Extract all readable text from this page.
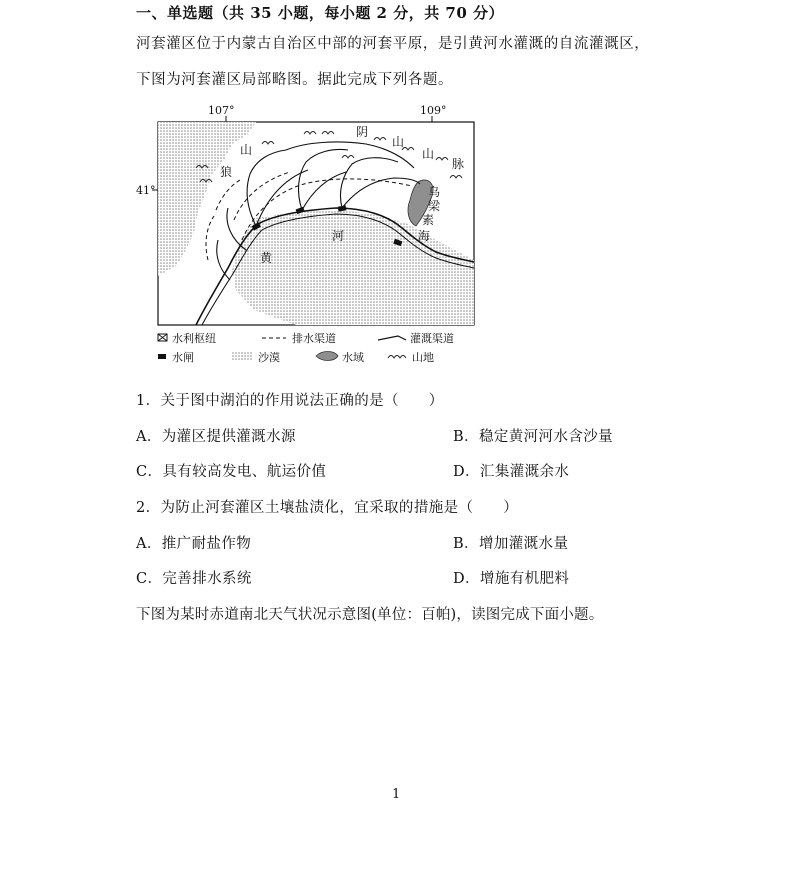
一、单选题（共 35 小题，每小题 2 分，共 70 分）
河套灌区位于内蒙古自治区中部的河套平原，是引黄河水灌溉的自流灌溉区，
下图为河套灌区局部略图。据此完成下列各题。
107°	109°
41°
阴
山
山
脉
山
狼
乌
梁
素
海
河
黄
水利枢纽	排水渠道	灌溉渠道
水闸	沙漠	水域	山地
1．关于图中湖泊的作用说法正确的是（　　）
A．为灌区提供灌溉水源	B．稳定黄河河水含沙量
C．具有较高发电、航运价值	D．汇集灌溉余水
2．为防止河套灌区土壤盐渍化，宜采取的措施是（　　）
A．推广耐盐作物	B．增加灌溉水量
C．完善排水系统	D．增施有机肥料
下图为某时赤道南北天气状况示意图(单位：百帕)，读图完成下面小题。
1
